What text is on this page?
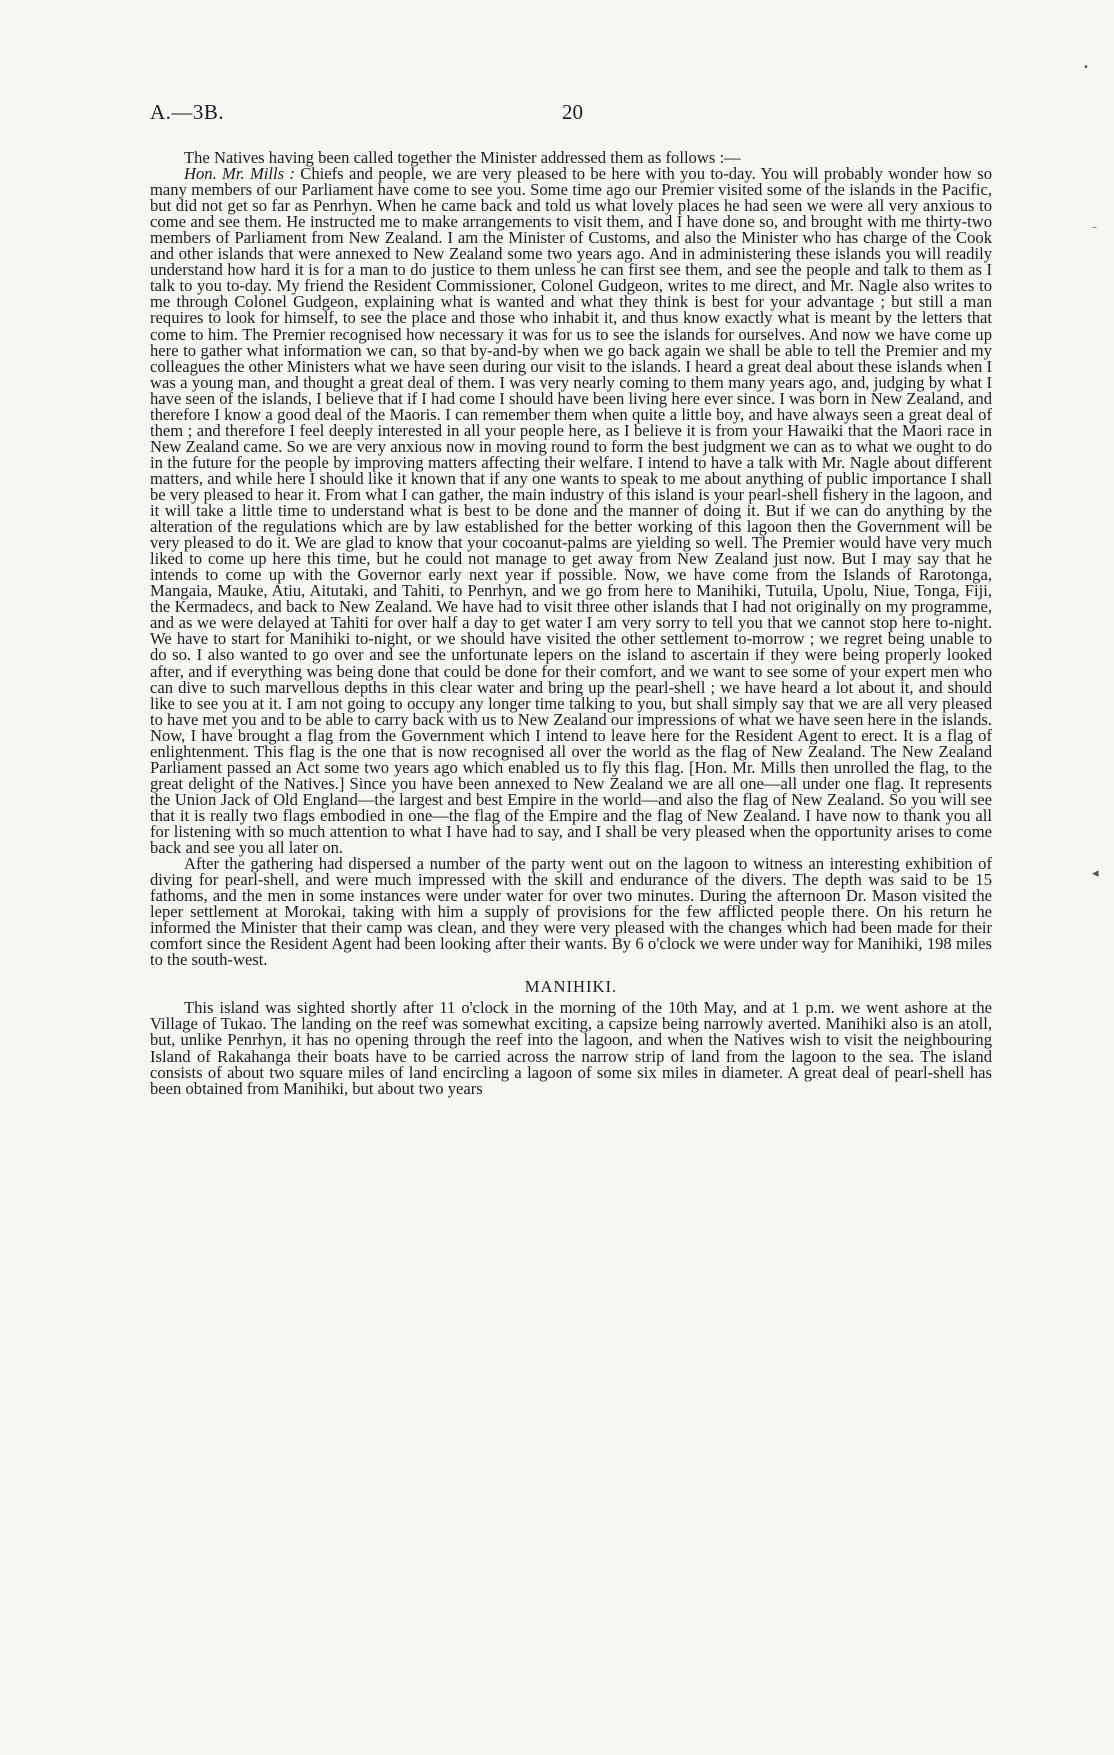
A.—3B.	20
•
–
◂

The Natives having been called together the Minister addressed them as follows :—

Hon. Mr. Mills : Chiefs and people, we are very pleased to be here with you to-day. You will probably wonder how so many members of our Parliament have come to see you. Some time ago our Premier visited some of the islands in the Pacific, but did not get so far as Penrhyn. When he came back and told us what lovely places he had seen we were all very anxious to come and see them. He instructed me to make arrangements to visit them, and I have done so, and brought with me thirty-two members of Parliament from New Zealand. I am the Minister of Customs, and also the Minister who has charge of the Cook and other islands that were annexed to New Zealand some two years ago. And in administering these islands you will readily understand how hard it is for a man to do justice to them unless he can first see them, and see the people and talk to them as I talk to you to-day. My friend the Resident Commissioner, Colonel Gudgeon, writes to me direct, and Mr. Nagle also writes to me through Colonel Gudgeon, explaining what is wanted and what they think is best for your advantage ; but still a man requires to look for himself, to see the place and those who inhabit it, and thus know exactly what is meant by the letters that come to him. The Premier recognised how necessary it was for us to see the islands for ourselves. And now we have come up here to gather what information we can, so that by-and-by when we go back again we shall be able to tell the Premier and my colleagues the other Ministers what we have seen during our visit to the islands. I heard a great deal about these islands when I was a young man, and thought a great deal of them. I was very nearly coming to them many years ago, and, judging by what I have seen of the islands, I believe that if I had come I should have been living here ever since. I was born in New Zealand, and therefore I know a good deal of the Maoris. I can remember them when quite a little boy, and have always seen a great deal of them ; and therefore I feel deeply interested in all your people here, as I believe it is from your Hawaiki that the Maori race in New Zealand came. So we are very anxious now in moving round to form the best judgment we can as to what we ought to do in the future for the people by improving matters affecting their welfare. I intend to have a talk with Mr. Nagle about different matters, and while here I should like it known that if any one wants to speak to me about anything of public importance I shall be very pleased to hear it. From what I can gather, the main industry of this island is your pearl-shell fishery in the lagoon, and it will take a little time to understand what is best to be done and the manner of doing it. But if we can do anything by the alteration of the regulations which are by law established for the better working of this lagoon then the Government will be very pleased to do it. We are glad to know that your cocoanut-palms are yielding so well. The Premier would have very much liked to come up here this time, but he could not manage to get away from New Zealand just now. But I may say that he intends to come up with the Governor early next year if possible. Now, we have come from the Islands of Rarotonga, Mangaia, Mauke, Atiu, Aitutaki, and Tahiti, to Penrhyn, and we go from here to Manihiki, Tutuila, Upolu, Niue, Tonga, Fiji, the Kermadecs, and back to New Zealand. We have had to visit three other islands that I had not originally on my programme, and as we were delayed at Tahiti for over half a day to get water I am very sorry to tell you that we cannot stop here to-night. We have to start for Manihiki to-night, or we should have visited the other settlement to-morrow ; we regret being unable to do so. I also wanted to go over and see the unfortunate lepers on the island to ascertain if they were being properly looked after, and if everything was being done that could be done for their comfort, and we want to see some of your expert men who can dive to such marvellous depths in this clear water and bring up the pearl-shell ; we have heard a lot about it, and should like to see you at it. I am not going to occupy any longer time talking to you, but shall simply say that we are all very pleased to have met you and to be able to carry back with us to New Zealand our impressions of what we have seen here in the islands. Now, I have brought a flag from the Government which I intend to leave here for the Resident Agent to erect. It is a flag of enlightenment. This flag is the one that is now recognised all over the world as the flag of New Zealand. The New Zealand Parliament passed an Act some two years ago which enabled us to fly this flag. [Hon. Mr. Mills then unrolled the flag, to the great delight of the Natives.] Since you have been annexed to New Zealand we are all one—all under one flag. It represents the Union Jack of Old England—the largest and best Empire in the world—and also the flag of New Zealand. So you will see that it is really two flags embodied in one—the flag of the Empire and the flag of New Zealand. I have now to thank you all for listening with so much attention to what I have had to say, and I shall be very pleased when the opportunity arises to come back and see you all later on.

After the gathering had dispersed a number of the party went out on the lagoon to witness an interesting exhibition of diving for pearl-shell, and were much impressed with the skill and endurance of the divers. The depth was said to be 15 fathoms, and the men in some instances were under water for over two minutes. During the afternoon Dr. Mason visited the leper settlement at Morokai, taking with him a supply of provisions for the few afflicted people there. On his return he informed the Minister that their camp was clean, and they were very pleased with the changes which had been made for their comfort since the Resident Agent had been looking after their wants. By 6 o'clock we were under way for Manihiki, 198 miles to the south-west.

MANIHIKI.

This island was sighted shortly after 11 o'clock in the morning of the 10th May, and at 1 p.m. we went ashore at the Village of Tukao. The landing on the reef was somewhat exciting, a capsize being narrowly averted. Manihiki also is an atoll, but, unlike Penrhyn, it has no opening through the reef into the lagoon, and when the Natives wish to visit the neighbouring Island of Rakahanga their boats have to be carried across the narrow strip of land from the lagoon to the sea. The island consists of about two square miles of land encircling a lagoon of some six miles in diameter. A great deal of pearl-shell has been obtained from Manihiki, but about two years
